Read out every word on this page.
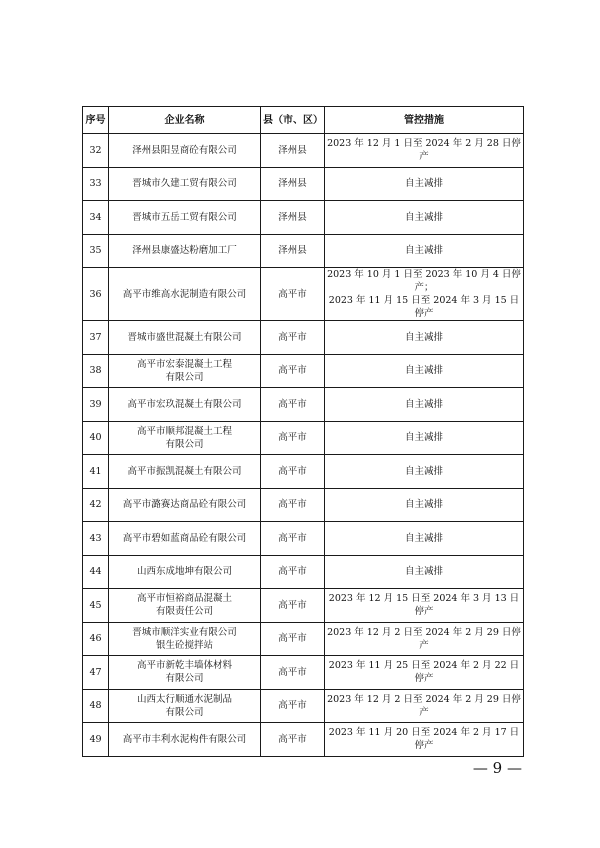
序号	企业名称	县（市、区）	管控措施
32	泽州县阳昱商砼有限公司	泽州县	2023 年 12 月 1 日至 2024 年 2 月 28 日停产
33	晋城市久建工贸有限公司	泽州县	自主减排
34	晋城市五岳工贸有限公司	泽州县	自主减排
35	泽州县康盛达粉磨加工厂	泽州县	自主减排
36	高平市维高水泥制造有限公司	高平市	2023 年 10 月 1 日至 2023 年 10 月 4 日停产；
2023 年 11 月 15 日至 2024 年 3 月 15 日停产
37	晋城市盛世混凝土有限公司	高平市	自主减排
38	高平市宏泰混凝土工程
有限公司	高平市	自主减排
39	高平市宏玖混凝土有限公司	高平市	自主减排
40	高平市顺邦混凝土工程
有限公司	高平市	自主减排
41	高平市振凯混凝土有限公司	高平市	自主减排
42	高平市潞赛达商品砼有限公司	高平市	自主减排
43	高平市碧如蓝商品砼有限公司	高平市	自主减排
44	山西东成地坤有限公司	高平市	自主减排
45	高平市恒裕商品混凝土
有限责任公司	高平市	2023 年 12 月 15 日至 2024 年 3 月 13 日停产
46	晋城市顺洋实业有限公司
银生砼搅拌站	高平市	2023 年 12 月 2 日至 2024 年 2 月 29 日停产
47	高平市新乾丰墙体材料
有限公司	高平市	2023 年 11 月 25 日至 2024 年 2 月 22 日停产
48	山西太行顺通水泥制品
有限公司	高平市	2023 年 12 月 2 日至 2024 年 2 月 29 日停产
49	高平市丰利水泥构件有限公司	高平市	2023 年 11 月 20 日至 2024 年 2 月 17 日停产
— 9 —
